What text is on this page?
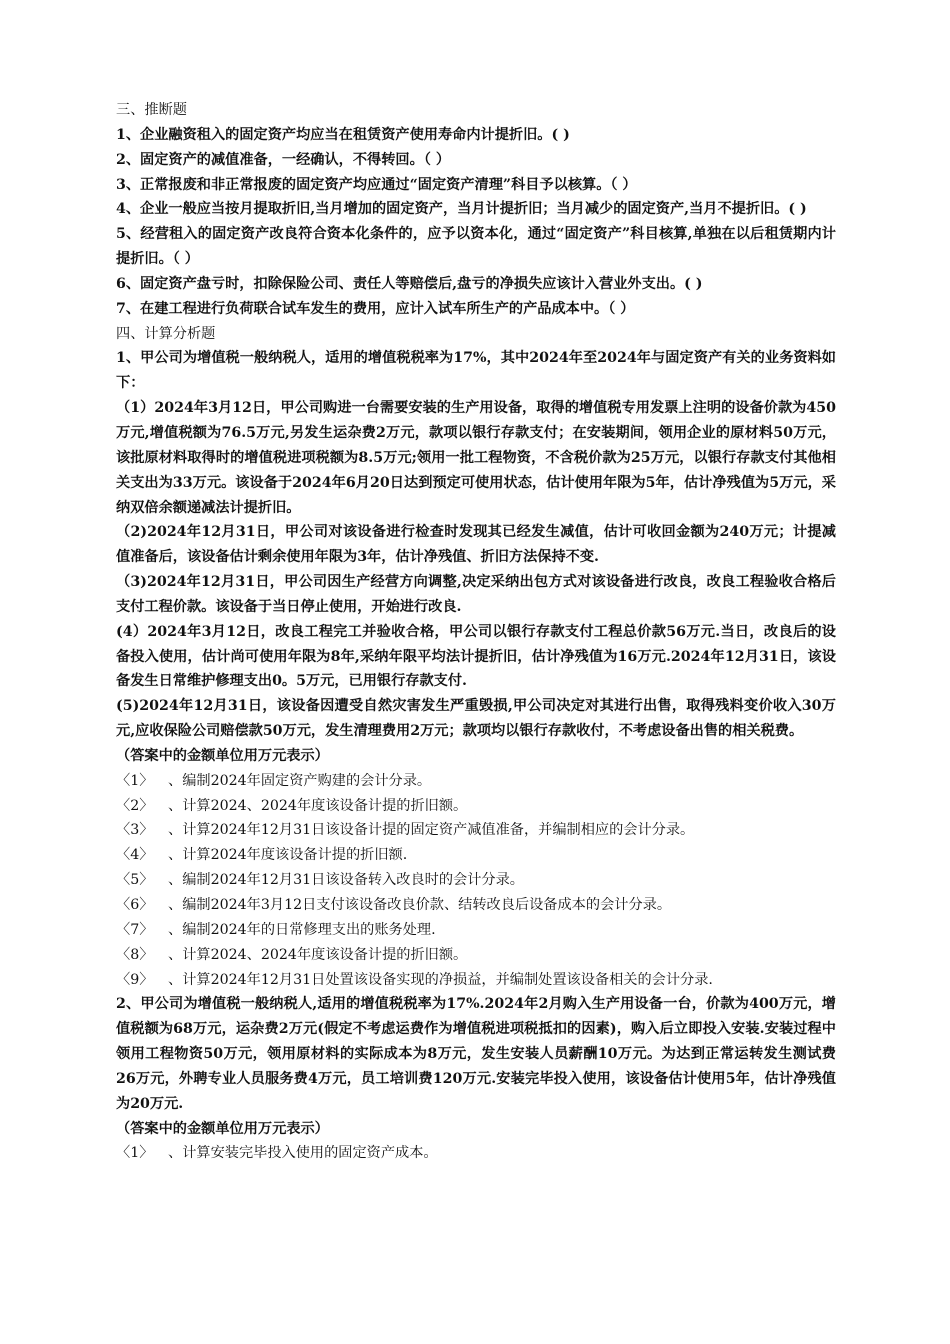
三、推断题
1、企业融资租入的固定资产均应当在租赁资产使用寿命内计提折旧。( )
2、固定资产的减值准备，一经确认，不得转回。（ ）
3、正常报废和非正常报废的固定资产均应通过“固定资产清理”科目予以核算。（ ）
4、企业一般应当按月提取折旧,当月增加的固定资产，当月计提折旧；当月减少的固定资产,当月不提折旧。( )
5、经营租入的固定资产改良符合资本化条件的，应予以资本化，通过“固定资产”科目核算,单独在以后租赁期内计提折旧。（ ）
6、固定资产盘亏时，扣除保险公司、责任人等赔偿后,盘亏的净损失应该计入营业外支出。( )
7、在建工程进行负荷联合试车发生的费用，应计入试车所生产的产品成本中。（ ）
四、计算分析题
1、甲公司为增值税一般纳税人，适用的增值税税率为17%，其中2024年至2024年与固定资产有关的业务资料如下：
（1）2024年3月12日，甲公司购进一台需要安装的生产用设备，取得的增值税专用发票上注明的设备价款为450万元,增值税额为76.5万元,另发生运杂费2万元，款项以银行存款支付；在安装期间，领用企业的原材料50万元，该批原材料取得时的增值税进项税额为8.5万元;领用一批工程物资，不含税价款为25万元，以银行存款支付其他相关支出为33万元。该设备于2024年6月20日达到预定可使用状态，估计使用年限为5年，估计净残值为5万元，采纳双倍余额递减法计提折旧。
（2)2024年12月31日，甲公司对该设备进行检查时发现其已经发生减值，估计可收回金额为240万元；计提减值准备后，该设备估计剩余使用年限为3年，估计净残值、折旧方法保持不变.
（3)2024年12月31日，甲公司因生产经营方向调整,决定采纳出包方式对该设备进行改良，改良工程验收合格后支付工程价款。该设备于当日停止使用，开始进行改良.
(4）2024年3月12日，改良工程完工并验收合格，甲公司以银行存款支付工程总价款56万元.当日，改良后的设备投入使用，估计尚可使用年限为8年,采纳年限平均法计提折旧，估计净残值为16万元.2024年12月31日，该设备发生日常维护修理支出0。5万元，已用银行存款支付.
(5)2024年12月31日，该设备因遭受自然灾害发生严重毁损,甲公司决定对其进行出售，取得残料变价收入30万元,应收保险公司赔偿款50万元，发生清理费用2万元；款项均以银行存款收付，不考虑设备出售的相关税费。
（答案中的金额单位用万元表示）
〈1〉 、编制2024年固定资产购建的会计分录。
〈2〉 、计算2024、2024年度该设备计提的折旧额。
〈3〉 、计算2024年12月31日该设备计提的固定资产减值准备，并编制相应的会计分录。
〈4〉 、计算2024年度该设备计提的折旧额.
〈5〉 、编制2024年12月31日该设备转入改良时的会计分录。
〈6〉 、编制2024年3月12日支付该设备改良价款、结转改良后设备成本的会计分录。
〈7〉 、编制2024年的日常修理支出的账务处理.
〈8〉 、计算2024、2024年度该设备计提的折旧额。
〈9〉 、计算2024年12月31日处置该设备实现的净损益，并编制处置该设备相关的会计分录.
2、甲公司为增值税一般纳税人,适用的增值税税率为17%.2024年2月购入生产用设备一台，价款为400万元，增值税额为68万元，运杂费2万元(假定不考虑运费作为增值税进项税抵扣的因素)，购入后立即投入安装.安装过程中领用工程物资50万元，领用原材料的实际成本为8万元，发生安装人员薪酬10万元。为达到正常运转发生测试费26万元，外聘专业人员服务费4万元，员工培训费120万元.安装完毕投入使用，该设备估计使用5年，估计净残值为20万元.
（答案中的金额单位用万元表示）
〈1〉 、计算安装完毕投入使用的固定资产成本。
